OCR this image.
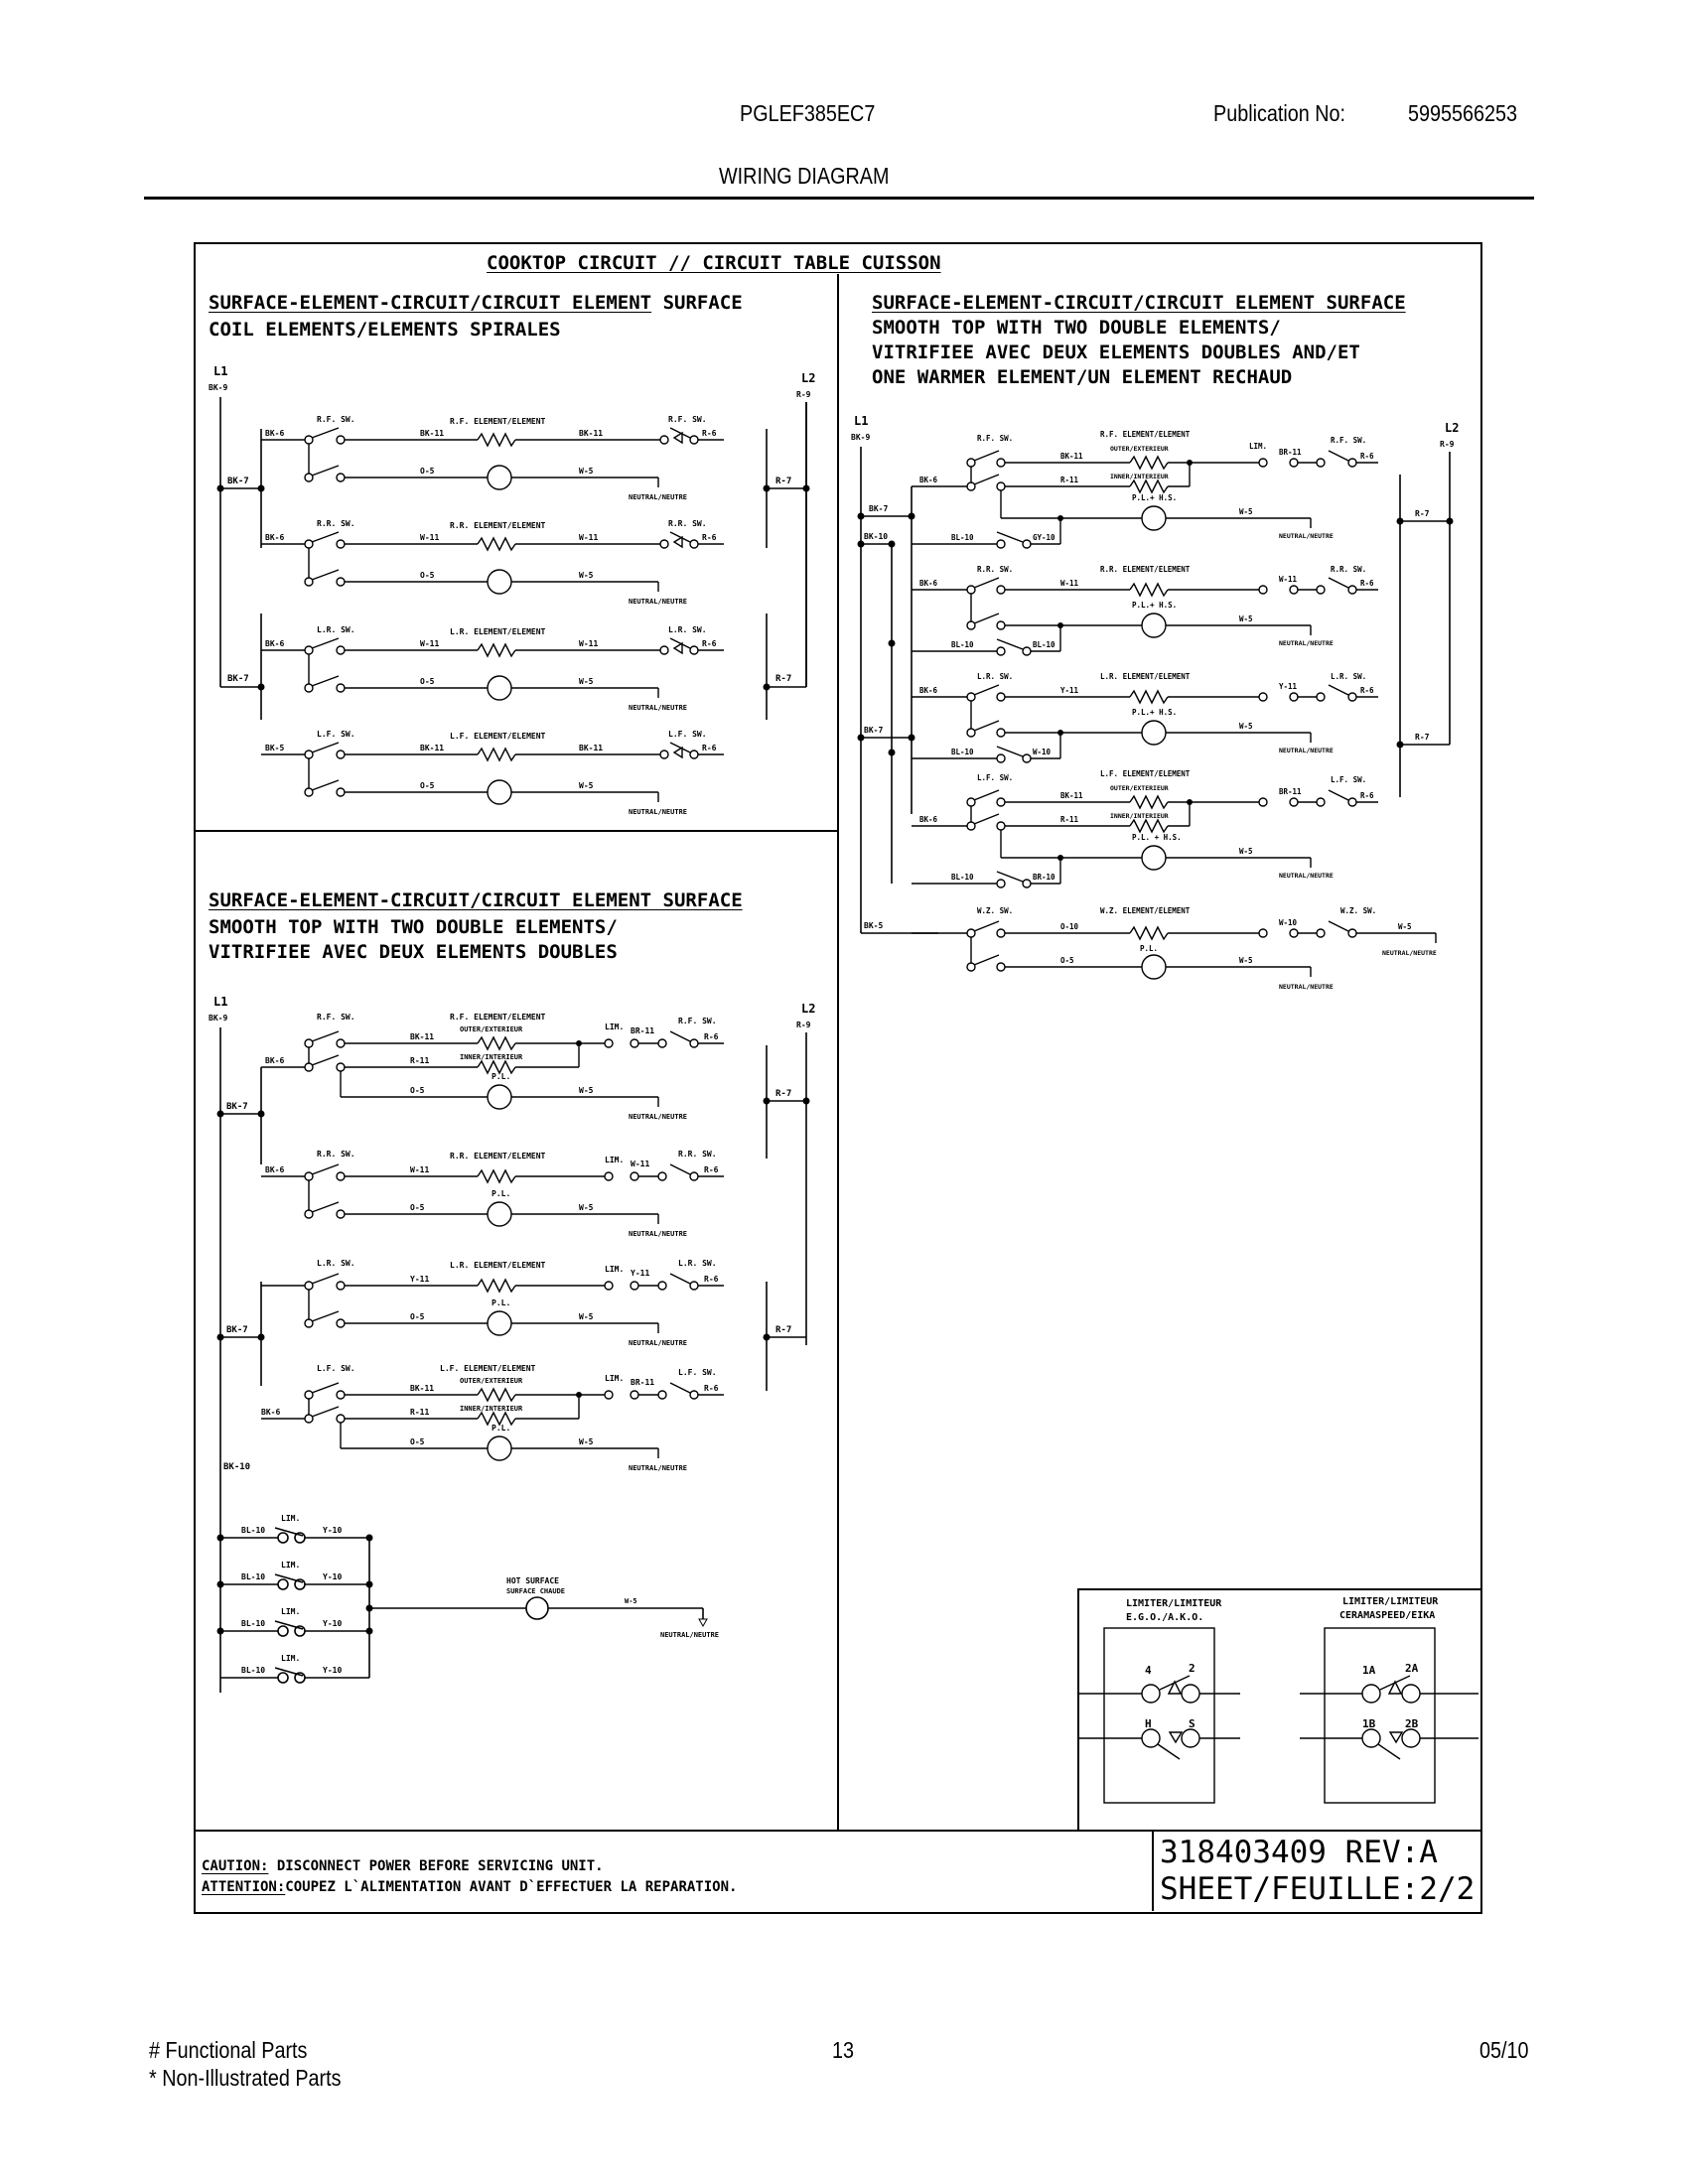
PGLEF385EC7	Publication No:	5995566253
WIRING DIAGRAM
COOKTOP CIRCUIT // CIRCUIT TABLE CUISSON
SURFACE-ELEMENT-CIRCUIT/CIRCUIT ELEMENT SURFACE
COIL ELEMENTS/ELEMENTS SPIRALES
L1
BK-9
L2
R-9
BK-7
BK-7
R-7
R-7
SURFACE-ELEMENT-CIRCUIT/CIRCUIT ELEMENT SURFACE
SMOOTH TOP WITH TWO DOUBLE ELEMENTS/
VITRIFIEE AVEC DEUX ELEMENTS DOUBLES
L1
BK-9
L2
R-9
BK-7
BK-7
R-7
R-7
BK-10
BL-10
BL-10
BL-10
BL-10
Y-10
Y-10
Y-10
Y-10
LIM.
LIM.
LIM.
LIM.
HOT SURFACE
SURFACE CHAUDE
W-5
NEUTRAL/NEUTRE
SURFACE-ELEMENT-CIRCUIT/CIRCUIT ELEMENT SURFACE
SMOOTH TOP WITH TWO DOUBLE ELEMENTS/
VITRIFIEE AVEC DEUX ELEMENTS DOUBLES AND/ET
ONE WARMER ELEMENT/UN ELEMENT RECHAUD
L1
BK-9
L2
R-9
BK-7
BK-10
BK-7
BK-5
R-7
R-7
R.F. SW.	R.F. ELEMENT/ELEMENT	R.F. SW.
BK-6	BK-11	BK-11	R-6
O-5	W-5
NEUTRAL/NEUTRE
R.R. SW.	R.R. ELEMENT/ELEMENT	R.R. SW.
BK-6	W-11	W-11	R-6
O-5	W-5
NEUTRAL/NEUTRE
L.R. SW.	L.R. ELEMENT/ELEMENT	L.R. SW.
BK-6	W-11	W-11	R-6
O-5	W-5
NEUTRAL/NEUTRE
L.F. SW.	L.F. ELEMENT/ELEMENT	L.F. SW.
BK-5	BK-11	BK-11	R-6
O-5	W-5
NEUTRAL/NEUTRE
R.F. SW.	R.F. ELEMENT/ELEMENT
OUTER/EXTERIEUR
INNER/INTERIEUR
R.F. SW.
LIM.
BK-6
BK-11
R-11
BR-11
R-6
P.L.
O-5	W-5
NEUTRAL/NEUTRE
R.R. SW.	R.R. ELEMENT/ELEMENT	R.R. SW.
LIM.
BK-6	W-11
W-11
R-6
P.L.
O-5	W-5
NEUTRAL/NEUTRE
L.R. SW.	L.R. ELEMENT/ELEMENT	L.R. SW.
LIM.
Y-11
Y-11
R-6
P.L.
O-5	W-5
NEUTRAL/NEUTRE
L.F. SW.	L.F. ELEMENT/ELEMENT
OUTER/EXTERIEUR
INNER/INTERIEUR
L.F. SW.
LIM.
BK-6
BK-11
R-11
BR-11
R-6
P.L.
O-5	W-5
NEUTRAL/NEUTRE
R.F. SW.	R.F. ELEMENT/ELEMENT
OUTER/EXTERIEUR
INNER/INTERIEUR
R.F. SW.
LIM.
BK-6
BK-11
R-11
BR-11	R-6
P.L.+ H.S.
W-5
NEUTRAL/NEUTRE
BL-10	GY-10
R.R. SW.	R.R. ELEMENT/ELEMENT	R.R. SW.
BK-6	W-11	W-11	R-6
P.L.+ H.S.
W-5
NEUTRAL/NEUTRE
BL-10	BL-10
L.R. SW.	L.R. ELEMENT/ELEMENT	L.R. SW.
BK-6	Y-11	Y-11	R-6
P.L.+ H.S.
W-5
NEUTRAL/NEUTRE
BL-10	W-10
L.F. SW.	L.F. ELEMENT/ELEMENT
OUTER/EXTERIEUR
INNER/INTERIEUR
L.F. SW.
BK-6
BK-11
R-11
BR-11	R-6
P.L. + H.S.
W-5
NEUTRAL/NEUTRE
BL-10	BR-10
W.Z. SW.	W.Z. ELEMENT/ELEMENT	W.Z. SW.
O-10	W-10	W-5
NEUTRAL/NEUTRE
P.L.
O-5	W-5
NEUTRAL/NEUTRE
LIMITER/LIMITEUR
E.G.O./A.K.O.
LIMITER/LIMITEUR
CERAMASPEED/EIKA
4	2
H	S
1A	2A
1B	2B
CAUTION: DISCONNECT POWER BEFORE SERVICING UNIT.
ATTENTION:COUPEZ L`ALIMENTATION AVANT D`EFFECTUER LA REPARATION.
318403409 REV:A
SHEET/FEUILLE:2/2
# Functional Parts
* Non-Illustrated Parts
13	05/10
